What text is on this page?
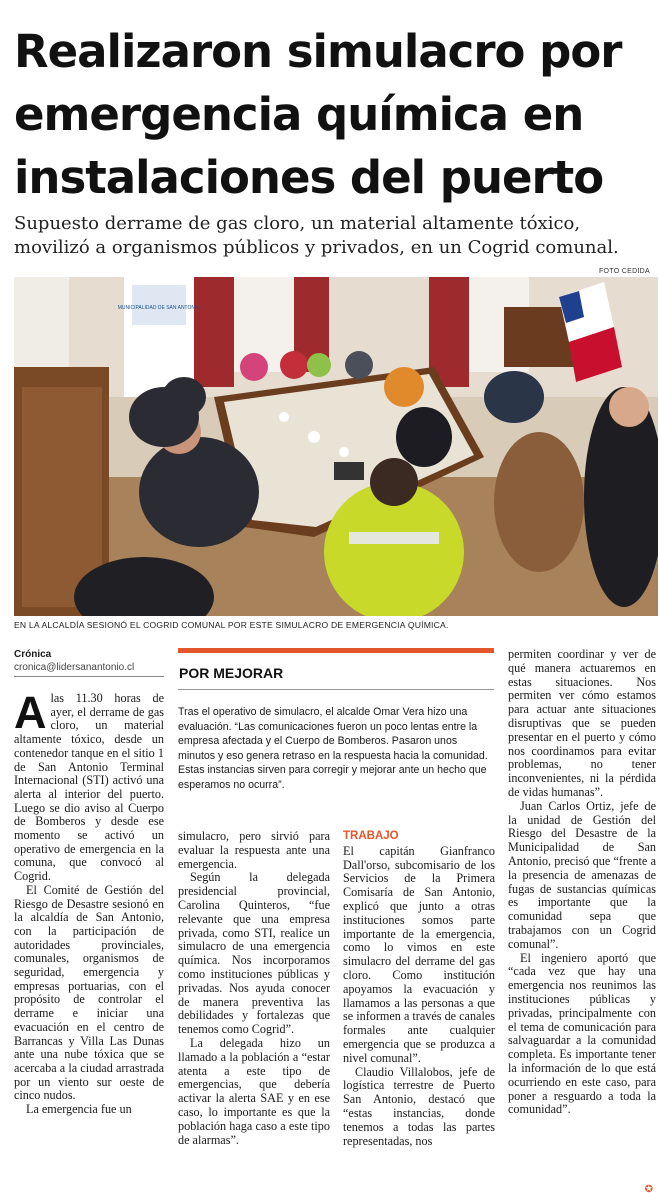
Realizaron simulacro por
emergencia química en
instalaciones del puerto

Supuesto derrame de gas cloro, un material altamente tóxico, movilizó a organismos públicos y privados, en un Cogrid comunal.

FOTO CEDIDA
MUNICIPALIDAD DE SAN ANTONIO
EN LA ALCALDÍA SESIONÓ EL COGRID COMUNAL POR ESTE SIMULACRO DE EMERGENCIA QUÍMICA.
Crónica
cronica@lidersanantonio.cl

Alas 11.30 horas de ayer, el derrame de gas cloro, un material altamente tóxico, desde un contenedor tanque en el sitio 1 de San Antonio Terminal Internacional (STI) activó una alerta al interior del puerto. Luego se dio aviso al Cuerpo de Bomberos y desde ese momento se activó un operativo de emergencia en la comuna, que convocó al Cogrid.

El Comité de Gestión del Riesgo de Desastre sesionó en la alcaldía de San Antonio, con la participación de autoridades provinciales, comunales, organismos de seguridad, emergencia y empresas portuarias, con el propósito de controlar el derrame e iniciar una evacuación en el centro de Barrancas y Villa Las Dunas ante una nube tóxica que se acercaba a la ciudad arrastrada por un viento sur oeste de cinco nudos.

La emergencia fue un

POR MEJORAR

Tras el operativo de simulacro, el alcalde Omar Vera hizo una evaluación. “Las comunicaciones fueron un poco lentas entre la empresa afectada y el Cuerpo de Bomberos. Pasaron unos minutos y eso genera retraso en la respuesta hacia la comunidad. Estas instancias sirven para corregir y mejorar ante un hecho que esperamos no ocurra”.

simulacro, pero sirvió para evaluar la respuesta ante una emergencia.

Según la delegada presidencial provincial, Carolina Quinteros, “fue relevante que una empresa privada, como STI, realice un simulacro de una emergencia química. Nos incorporamos como instituciones públicas y privadas. Nos ayuda conocer de manera preventiva las debilidades y fortalezas que tenemos como Cogrid”.

La delegada hizo un llamado a la población a “estar atenta a este tipo de emergencias, que debería activar la alerta SAE y en ese caso, lo importante es que la población haga caso a este tipo de alarmas”.

TRABAJO

El capitán Gianfranco Dall'orso, subcomisario de los Servicios de la Primera Comisaría de San Antonio, explicó que junto a otras instituciones somos parte importante de la emergencia, como lo vimos en este simulacro del derrame del gas cloro. Como institución apoyamos la evacuación y llamamos a las personas a que se informen a través de canales formales ante cualquier emergencia que se produzca a nivel comunal”.

Claudio Villalobos, jefe de logística terrestre de Puerto San Antonio, destacó que “estas instancias, donde tenemos a todas las partes representadas, nos

permiten coordinar y ver de qué manera actuaremos en estas situaciones. Nos permiten ver cómo estamos para actuar ante situaciones disruptivas que se pueden presentar en el puerto y cómo nos coordinamos para evitar problemas, no tener inconvenientes, ni la pérdida de vidas humanas”.

Juan Carlos Ortiz, jefe de la unidad de Gestión del Riesgo del Desastre de la Municipalidad de San Antonio, precisó que “frente a la presencia de amenazas de fugas de sustancias químicas es importante que la comunidad sepa que trabajamos con un Cogrid comunal”.

El ingeniero aportó que “cada vez que hay una emergencia nos reunimos las instituciones públicas y privadas, principalmente con el tema de comunicación para salvaguardar a la comunidad completa. Es importante tener la información de lo que está ocurriendo en este caso, para poner a resguardo a toda la comunidad”.

✪
